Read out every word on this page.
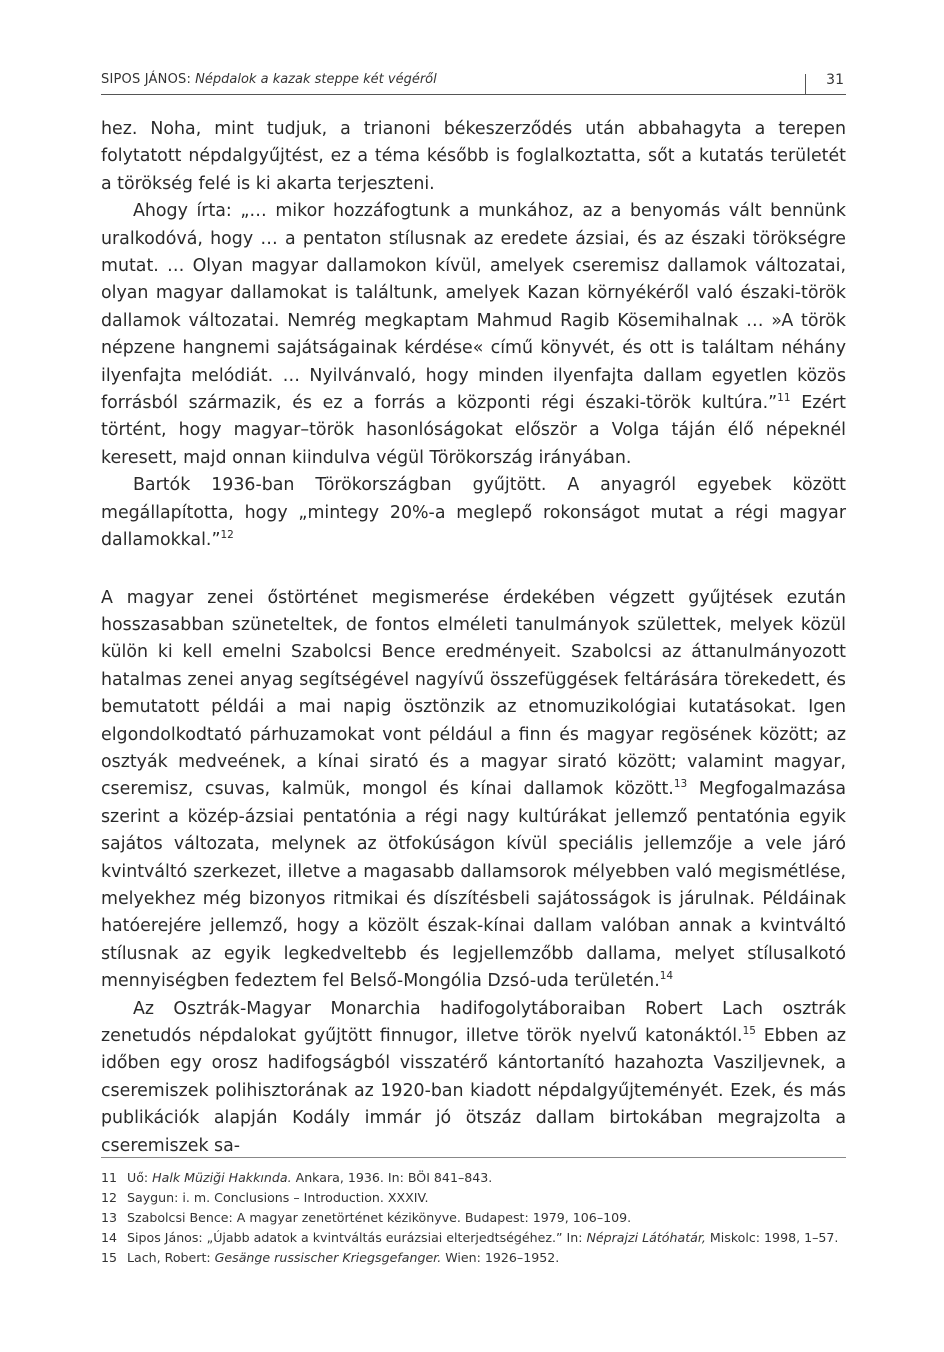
SIPOS JÁNOS: Népdalok a kazak steppe két végéről	31

hez. Noha, mint tudjuk, a trianoni békeszerződés után abbahagyta a terepen folytatott népdalgyűjtést, ez a téma később is foglalkoztatta, sőt a kutatás területét a törökség felé is ki akarta terjeszteni.

Ahogy írta: „… mikor hozzáfogtunk a munkához, az a benyomás vált bennünk uralkodóvá, hogy … a pentaton stílusnak az eredete ázsiai, és az északi törökségre mutat. … Olyan magyar dallamokon kívül, amelyek cseremisz dallamok változatai, olyan magyar dallamokat is találtunk, amelyek Kazan környékéről való északi-török dallamok változatai. Nemrég megkaptam Mahmud Ragib Kösemihalnak … »A török népzene hangnemi sajátságainak kérdése« című könyvét, és ott is találtam néhány ilyenfajta melódiát. … Nyilvánvaló, hogy minden ilyenfajta dallam egyetlen közös forrásból származik, és ez a forrás a központi régi északi-török kultúra.”$^{11}$ Ezért történt, hogy magyar–török hasonlóságokat először a Volga táján élő népeknél keresett, majd onnan kiindulva végül Törökország irányában.

Bartók 1936-ban Törökországban gyűjtött. A anyagról egyebek között megállapította, hogy „mintegy 20%-a meglepő rokonságot mutat a régi magyar dallamokkal.”$^{12}$

A magyar zenei őstörténet megismerése érdekében végzett gyűjtések ezután hosszasabban szüneteltek, de fontos elméleti tanulmányok születtek, melyek közül külön ki kell emelni Szabolcsi Bence eredményeit. Szabolcsi az áttanulmányozott hatalmas zenei anyag segítségével nagyívű összefüggések feltárására törekedett, és bemutatott példái a mai napig ösztönzik az etnomuzikológiai kutatásokat. Igen elgondolkodtató párhuzamokat vont például a finn és magyar regösének között; az osztyák medveének, a kínai sirató és a magyar sirató között; valamint magyar, cseremisz, csuvas, kalmük, mongol és kínai dallamok között.$^{13}$ Megfogalmazása szerint a közép-ázsiai pentatónia a régi nagy kultúrákat jellemző pentatónia egyik sajátos változata, melynek az ötfokúságon kívül speciális jellemzője a vele járó kvintváltó szerkezet, illetve a magasabb dallamsorok mélyebben való megismétlése, melyekhez még bizonyos ritmikai és díszítésbeli sajátosságok is járulnak. Példáinak hatóerejére jellemző, hogy a közölt észak-kínai dallam valóban annak a kvintváltó stílusnak az egyik legkedveltebb és legjellemzőbb dallama, melyet stílusalkotó mennyiségben fedeztem fel Belső-Mongólia Dzsó-uda területén.$^{14}$

Az Osztrák-Magyar Monarchia hadifogolytáboraiban Robert Lach osztrák zenetudós népdalokat gyűjtött finnugor, illetve török nyelvű katonáktól.$^{15}$ Ebben az időben egy orosz hadifogságból visszatérő kántortanító hazahozta Vasziljevnek, a cseremiszek polihisztorának az 1920-ban kiadott népdalgyűjteményét. Ezek, és más publikációk alapján Kodály immár jó ötszáz dallam birtokában megrajzolta a cseremiszek sa-

11 Uő: Halk Müziği Hakkında. Ankara, 1936. In: BÖI 841–843.
12 Saygun: i. m. Conclusions – Introduction. XXXIV.
13 Szabolcsi Bence: A magyar zenetörténet kézikönyve. Budapest: 1979, 106–109.
14 Sipos János: „Újabb adatok a kvintváltás eurázsiai elterjedtségéhez.” In: Néprajzi Látóhatár, Miskolc: 1998, 1–57.
15 Lach, Robert: Gesänge russischer Kriegsgefanger. Wien: 1926–1952.
